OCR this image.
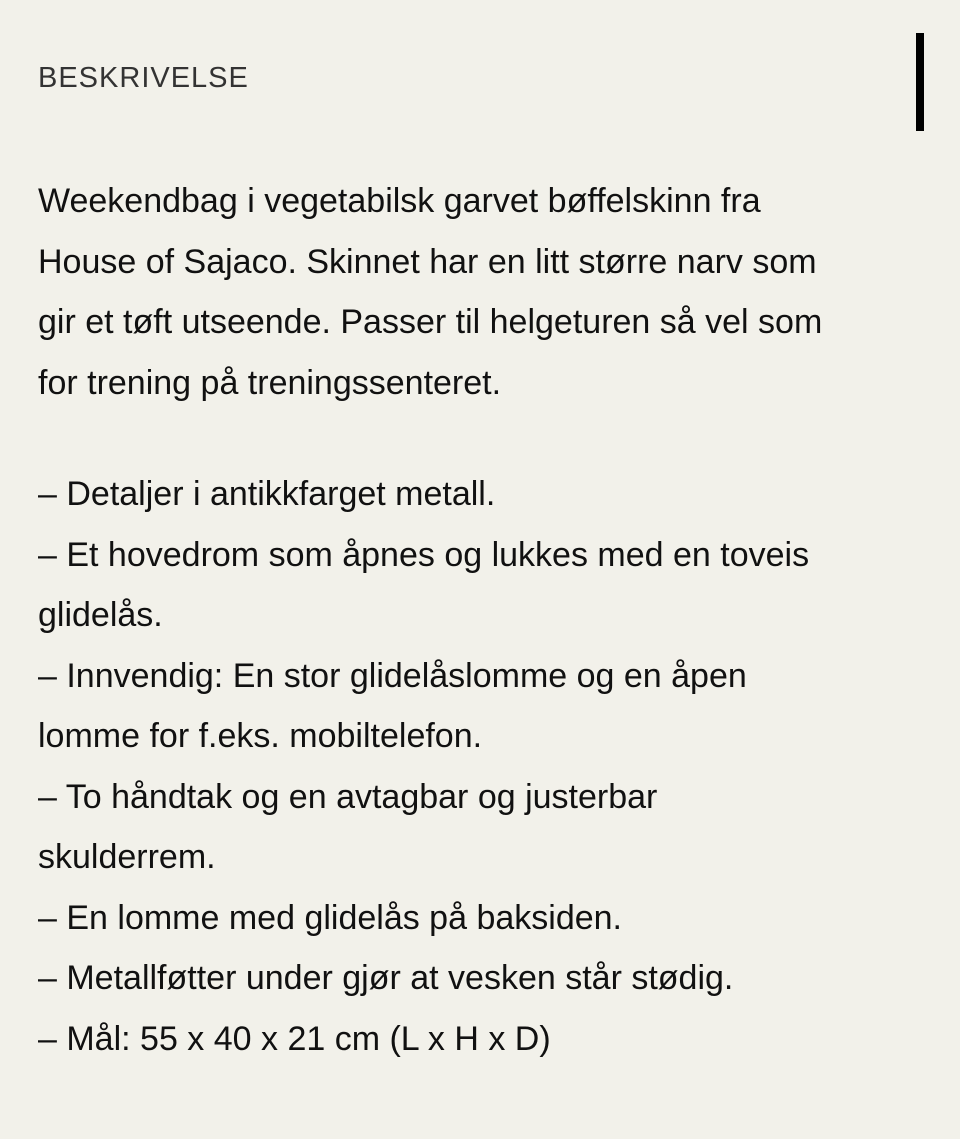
BESKRIVELSE
Weekendbag i vegetabilsk garvet bøffelskinn fra
House of Sajaco. Skinnet har en litt større narv som
gir et tøft utseende. Passer til helgeturen så vel som
for trening på treningssenteret.
– Detaljer i antikkfarget metall.
– Et hovedrom som åpnes og lukkes med en toveis
glidelås.
– Innvendig: En stor glidelåslomme og en åpen
lomme for f.eks. mobiltelefon.
– To håndtak og en avtagbar og justerbar
skulderrem.
– En lomme med glidelås på baksiden.
– Metallføtter under gjør at vesken står stødig.
– Mål: 55 x 40 x 21 cm (L x H x D)
